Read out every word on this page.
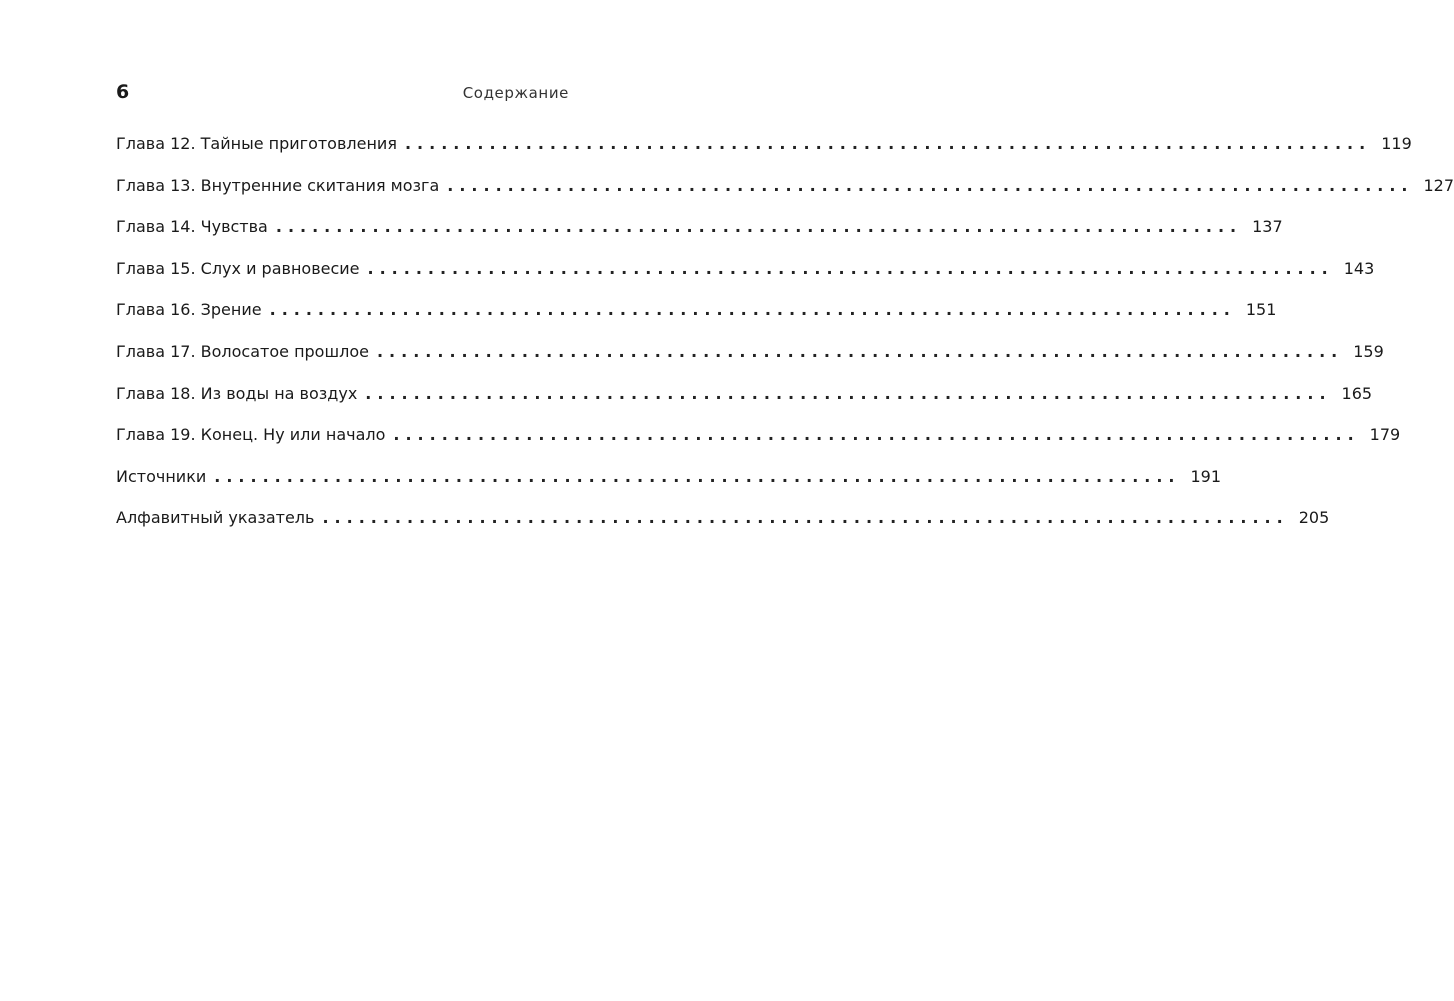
6	Содержание
Глава 12. Тайные приготовления ................................................................................ 119
Глава 13. Внутренние скитания мозга ................................................................................ 127
Глава 14. Чувства ................................................................................ 137
Глава 15. Слух и равновесие ................................................................................ 143
Глава 16. Зрение ................................................................................ 151
Глава 17. Волосатое прошлое ................................................................................ 159
Глава 18. Из воды на воздух ................................................................................ 165
Глава 19. Конец. Ну или начало ................................................................................ 179
Источники ................................................................................ 191
Алфавитный указатель ................................................................................ 205
